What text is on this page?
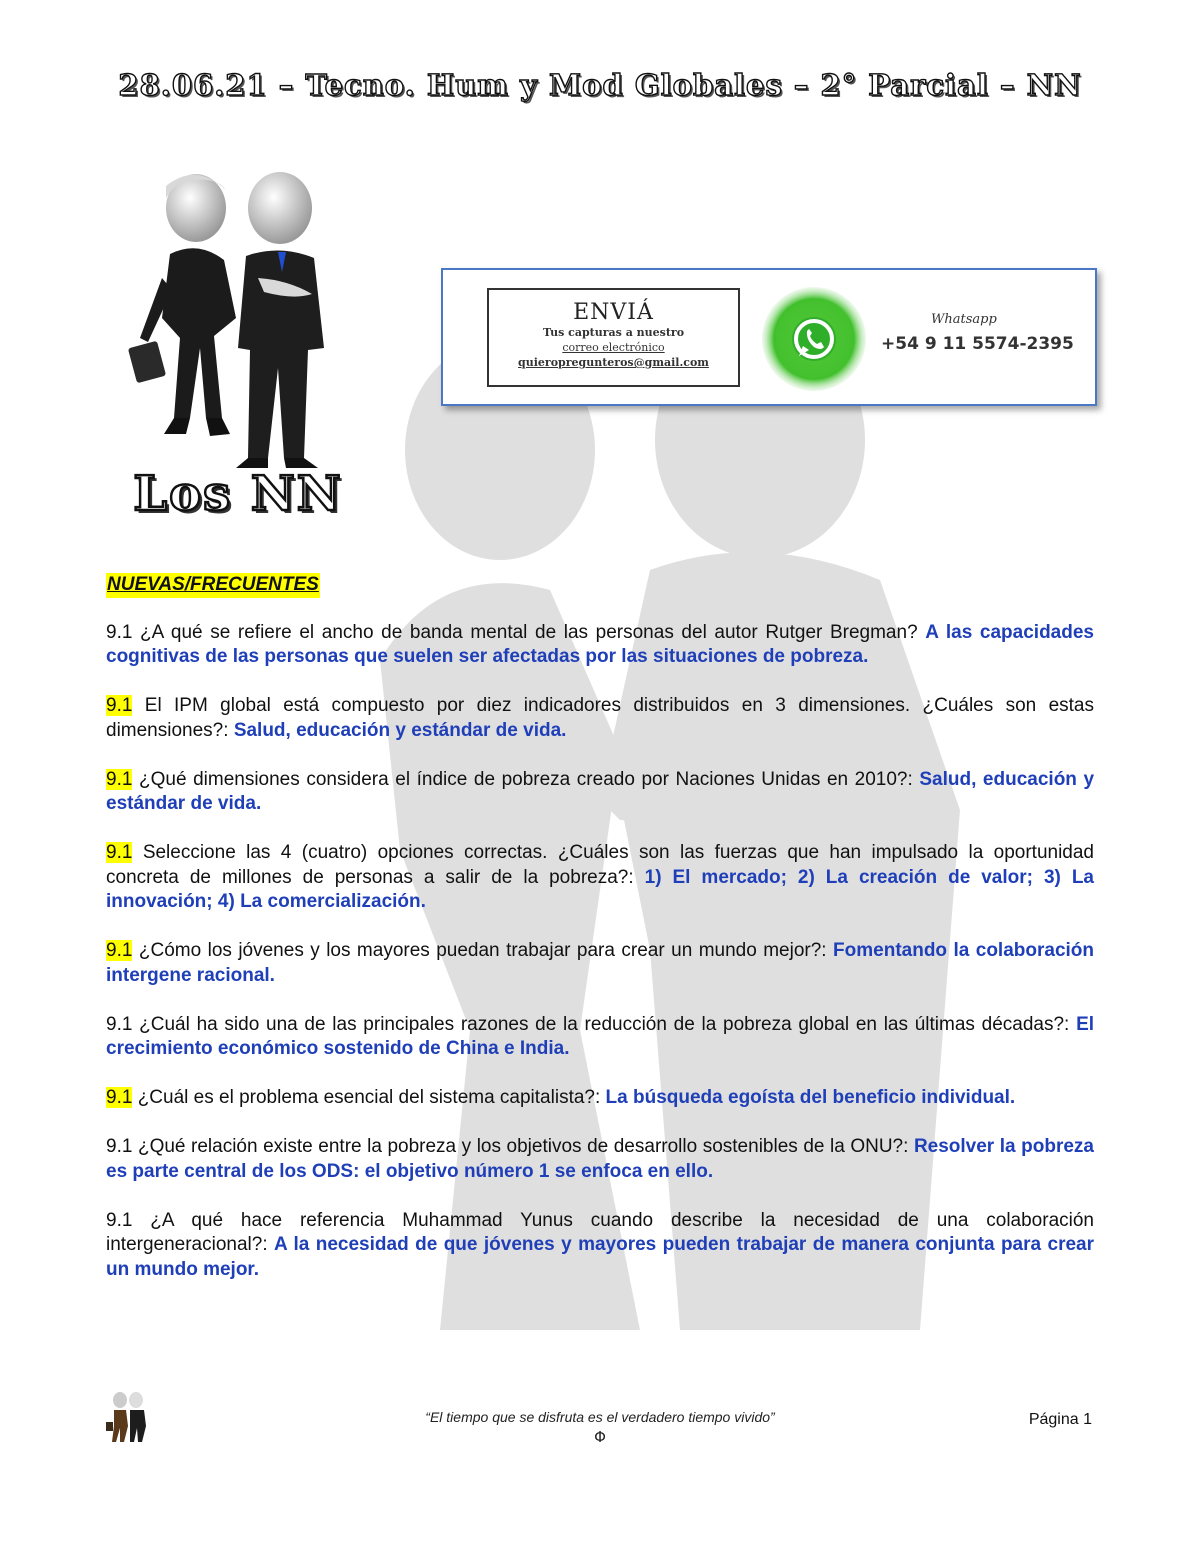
28.06.21 – Tecno. Hum y Mod Globales – 2° Parcial – NN
Los NN
ENVIÁ
Tus capturas a nuestro
correo electrónico
quieropregunteros@gmail.com
Whatsapp
+54 9 11 5574-2395
NUEVAS/FRECUENTES

9.1 ¿A qué se refiere el ancho de banda mental de las personas del autor Rutger Bregman? A las capacidades cognitivas de las personas que suelen ser afectadas por las situaciones de pobreza.

9.1 El IPM global está compuesto por diez indicadores distribuidos en 3 dimensiones. ¿Cuáles son estas dimensiones?: Salud, educación y estándar de vida.

9.1 ¿Qué dimensiones considera el índice de pobreza creado por Naciones Unidas en 2010?: Salud, educación y estándar de vida.

9.1 Seleccione las 4 (cuatro) opciones correctas. ¿Cuáles son las fuerzas que han impulsado la oportunidad concreta de millones de personas a salir de la pobreza?: 1) El mercado; 2) La creación de valor; 3) La innovación; 4) La comercialización.

9.1 ¿Cómo los jóvenes y los mayores puedan trabajar para crear un mundo mejor?: Fomentando la colaboración intergene racional.

9.1 ¿Cuál ha sido una de las principales razones de la reducción de la pobreza global en las últimas décadas?: El crecimiento económico sostenido de China e India.

9.1 ¿Cuál es el problema esencial del sistema capitalista?: La búsqueda egoísta del beneficio individual.

9.1 ¿Qué relación existe entre la pobreza y los objetivos de desarrollo sostenibles de la ONU?: Resolver la pobreza es parte central de los ODS: el objetivo número 1 se enfoca en ello.

9.1 ¿A qué hace referencia Muhammad Yunus cuando describe la necesidad de una colaboración intergeneracional?: A la necesidad de que jóvenes y mayores pueden trabajar de manera conjunta para crear un mundo mejor.

“El tiempo que se disfruta es el verdadero tiempo vivido”
Φ
Página 1
